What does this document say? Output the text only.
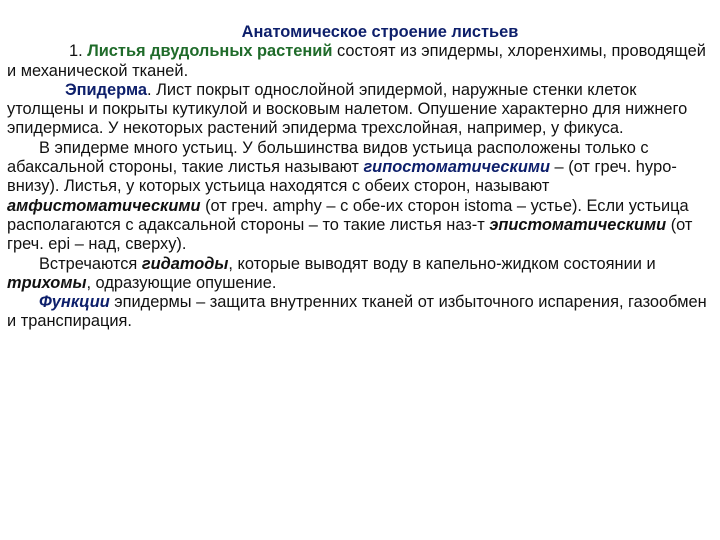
Анатомическое строение листьев

1. Листья двудольных растений состоят из эпидермы, хлоренхимы, проводящей и механической тканей.

Эпидерма. Лист покрыт однослойной эпидермой, наружные стенки клеток утолщены и покрыты кутикулой и восковым налетом. Опушение характерно для нижнего эпидермиса. У некоторых растений эпидерма трехслойная, например, у фикуса.

В эпидерме много устьиц. У большинства видов устьица расположены только с абаксальной стороны, такие листья называют гипостоматическими – (от греч. hypo- внизу). Листья, у которых устьица находятся с обеих сторон, называют амфистоматическими (от греч. amphy – с обе-их сторон istoma – устье). Если устьица располагаются с адаксальной стороны – то такие листья наз-т эпистоматическими (от греч. epi – над, сверху).

Встречаются гидатоды, которые выводят воду в капельно-жидком состоянии и трихомы, одразующие опушение.

Функции эпидермы – защита внутренних тканей от избыточного испарения, газообмен и транспирация.
